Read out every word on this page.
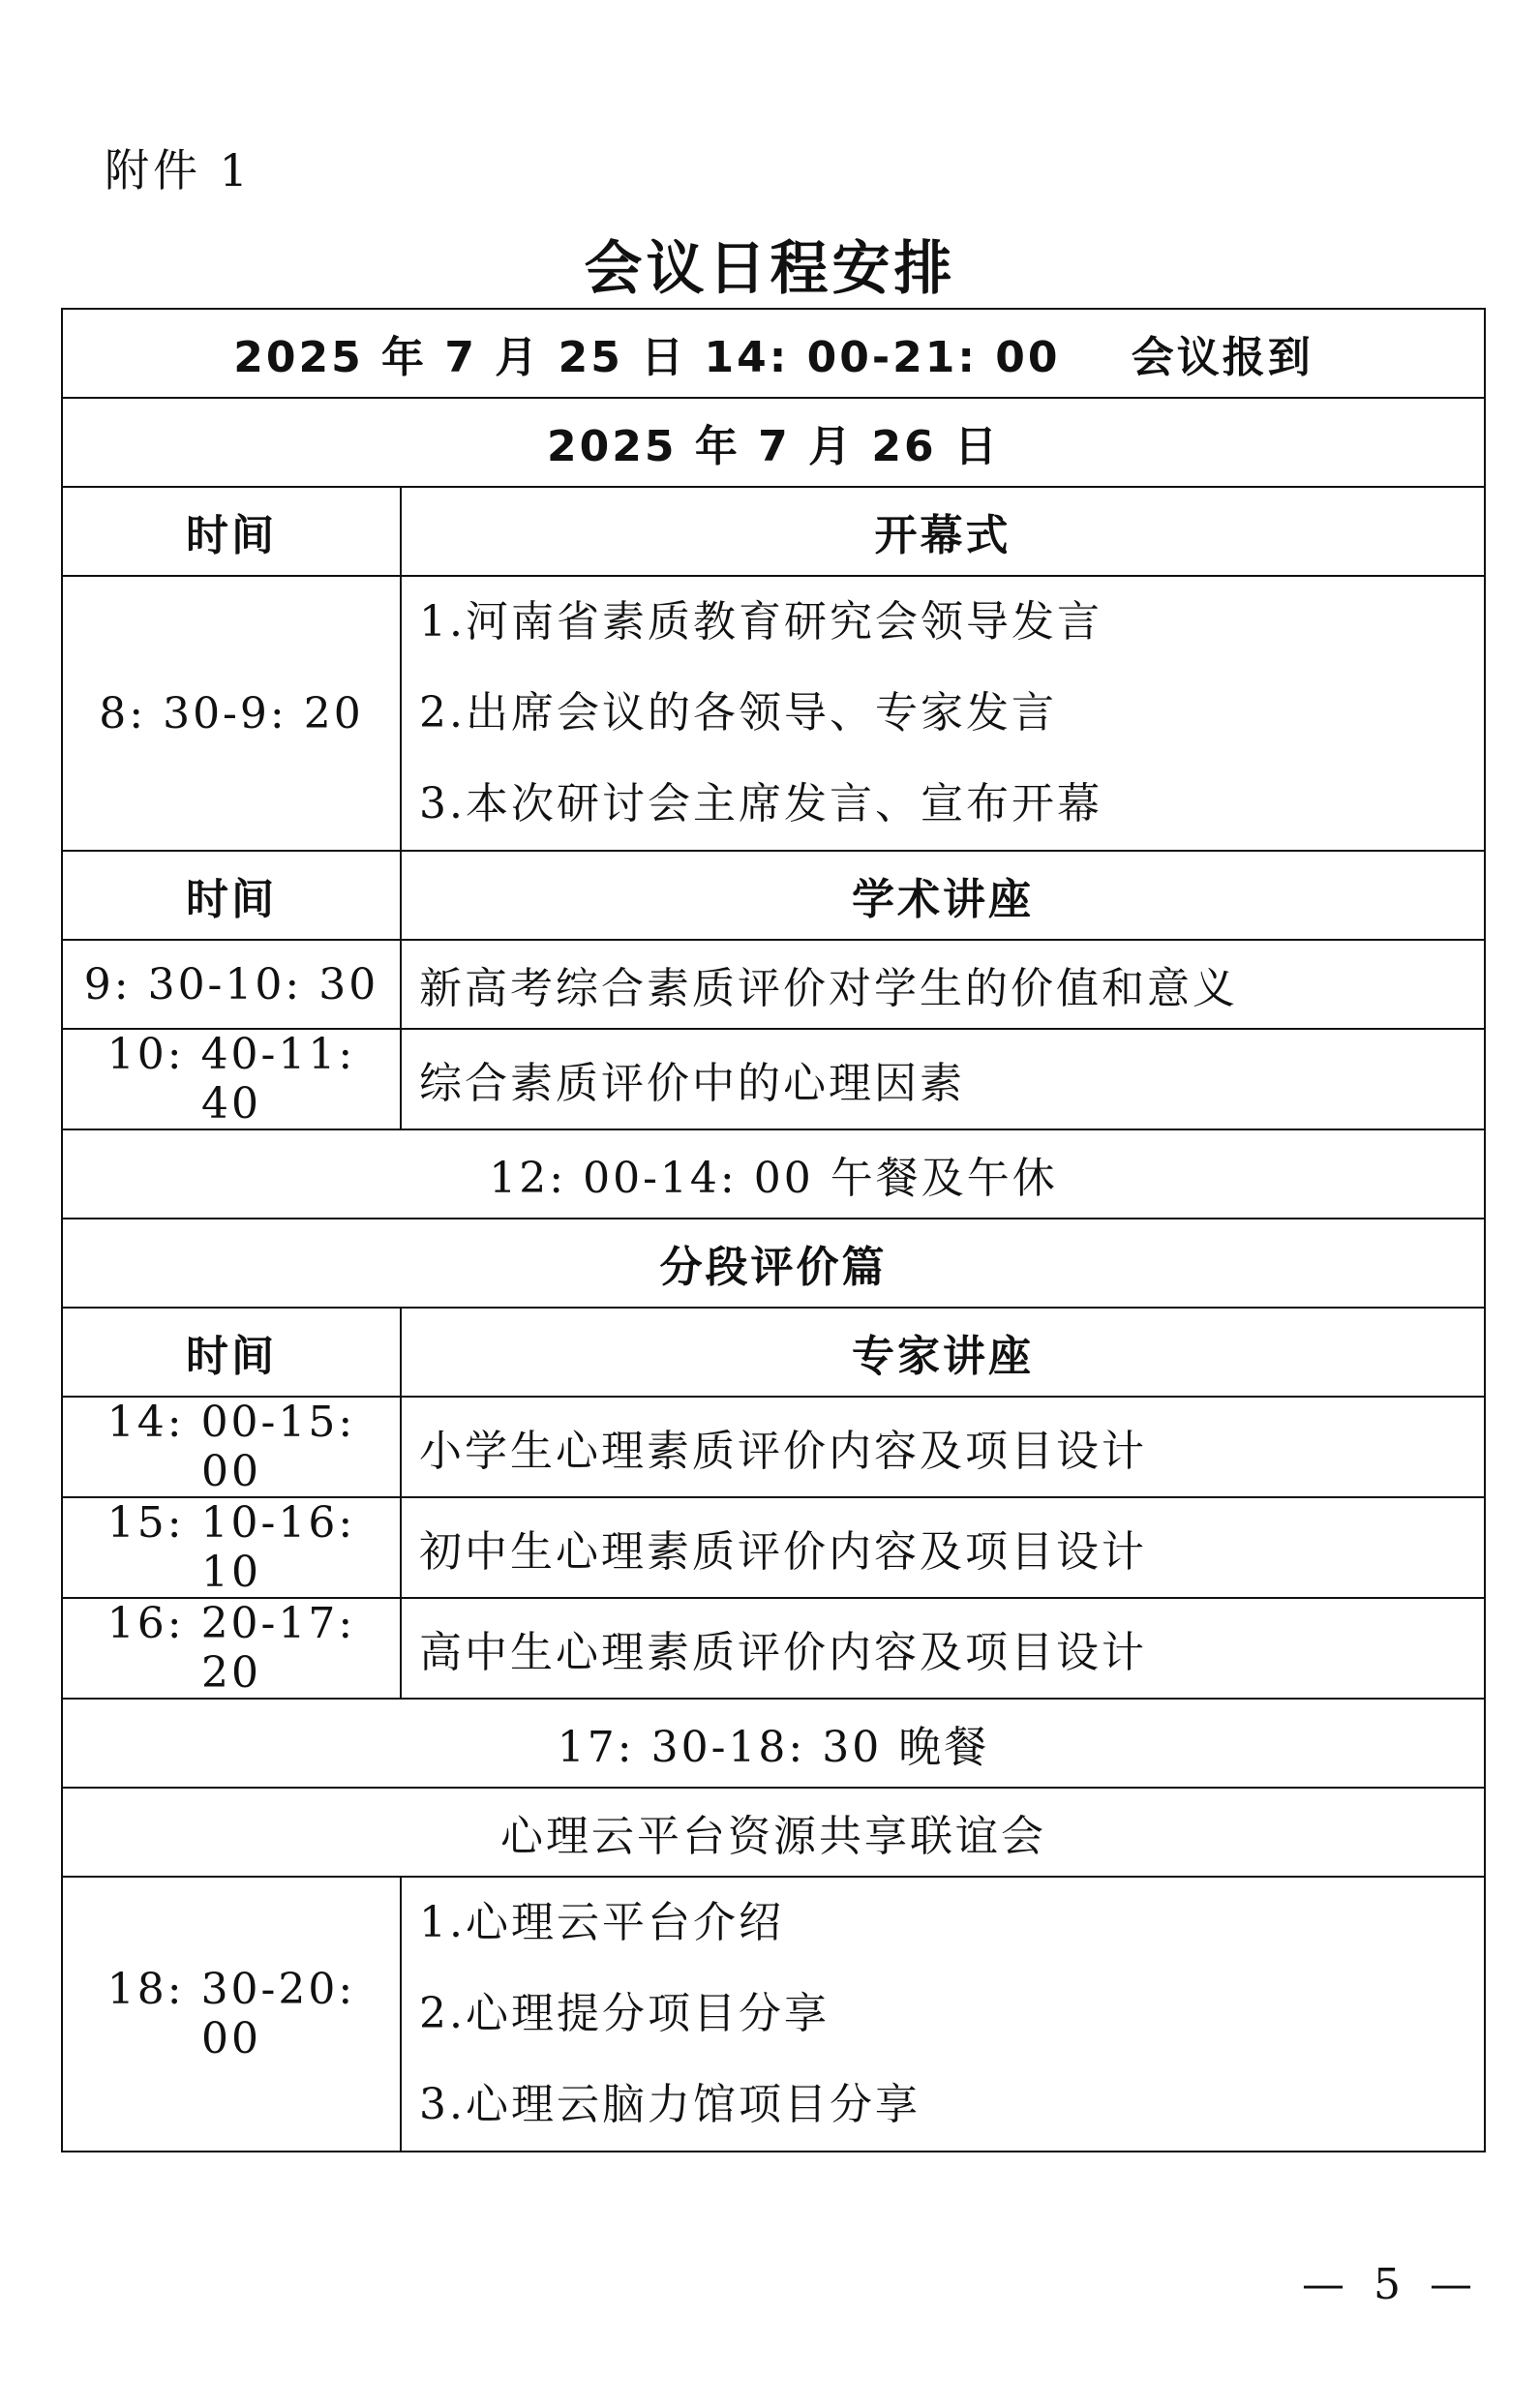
附件 1
会议日程安排
2025 年 7 月 25 日 14: 00-21: 00    会议报到	
2025 年 7 月 26 日	
时间	开幕式
8: 30-9: 20	1.河南省素质教育研究会领导发言
2.出席会议的各领导、专家发言
3.本次研讨会主席发言、宣布开幕

时间	学术讲座
9: 30-10: 30	新高考综合素质评价对学生的价值和意义
10: 40-11: 40	综合素质评价中的心理因素
12: 00-14: 00 午餐及午休	
分段评价篇	
时间	专家讲座
14: 00-15: 00	小学生心理素质评价内容及项目设计
15: 10-16: 10	初中生心理素质评价内容及项目设计
16: 20-17: 20	高中生心理素质评价内容及项目设计
17: 30-18: 30 晚餐	
心理云平台资源共享联谊会	
18: 30-20: 00	1.心理云平台介绍
2.心理提分项目分享
3.心理云脑力馆项目分享
— 5 —
